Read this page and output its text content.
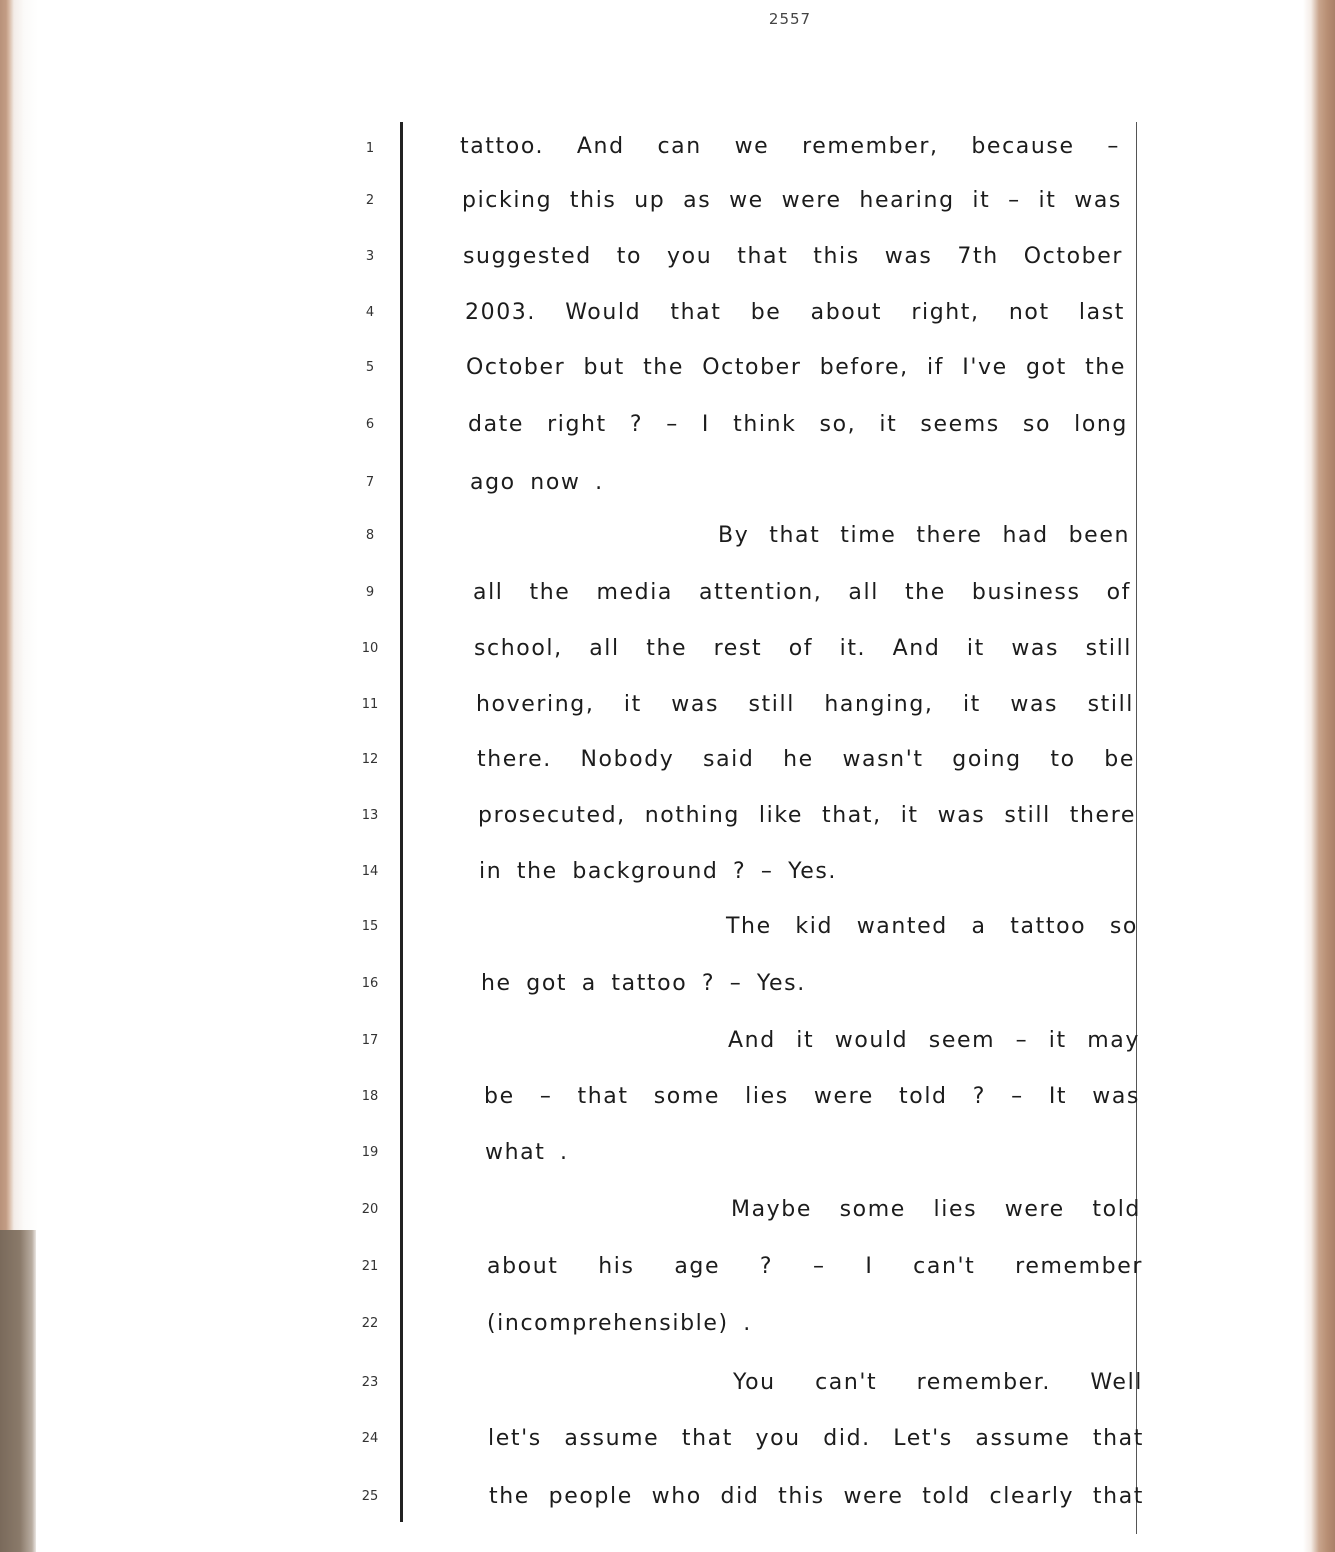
2557
1	tattoo. And can we remember, because –
2	picking this up as we were hearing it – it was
3	suggested to you that this was 7th October
4	2003. Would that be about right, not last
5	October but the October before, if I've got the
6	date right ? – I think so, it seems so long
7	ago now .
8	By that time there had been
9	all the media attention, all the business of
10	school, all the rest of it. And it was still
11	hovering, it was still hanging, it was still
12	there. Nobody said he wasn't going to be
13	prosecuted, nothing like that, it was still there
14	in the background ? – Yes.
15	The kid wanted a tattoo so
16	he got a tattoo ? – Yes.
17	And it would seem – it may
18	be – that some lies were told ? – It was
19	what .
20	Maybe some lies were told
21	about his age ? – I can't remember
22	(incomprehensible) .
23	You can't remember. Well
24	let's assume that you did. Let's assume that
25	the people who did this were told clearly that
